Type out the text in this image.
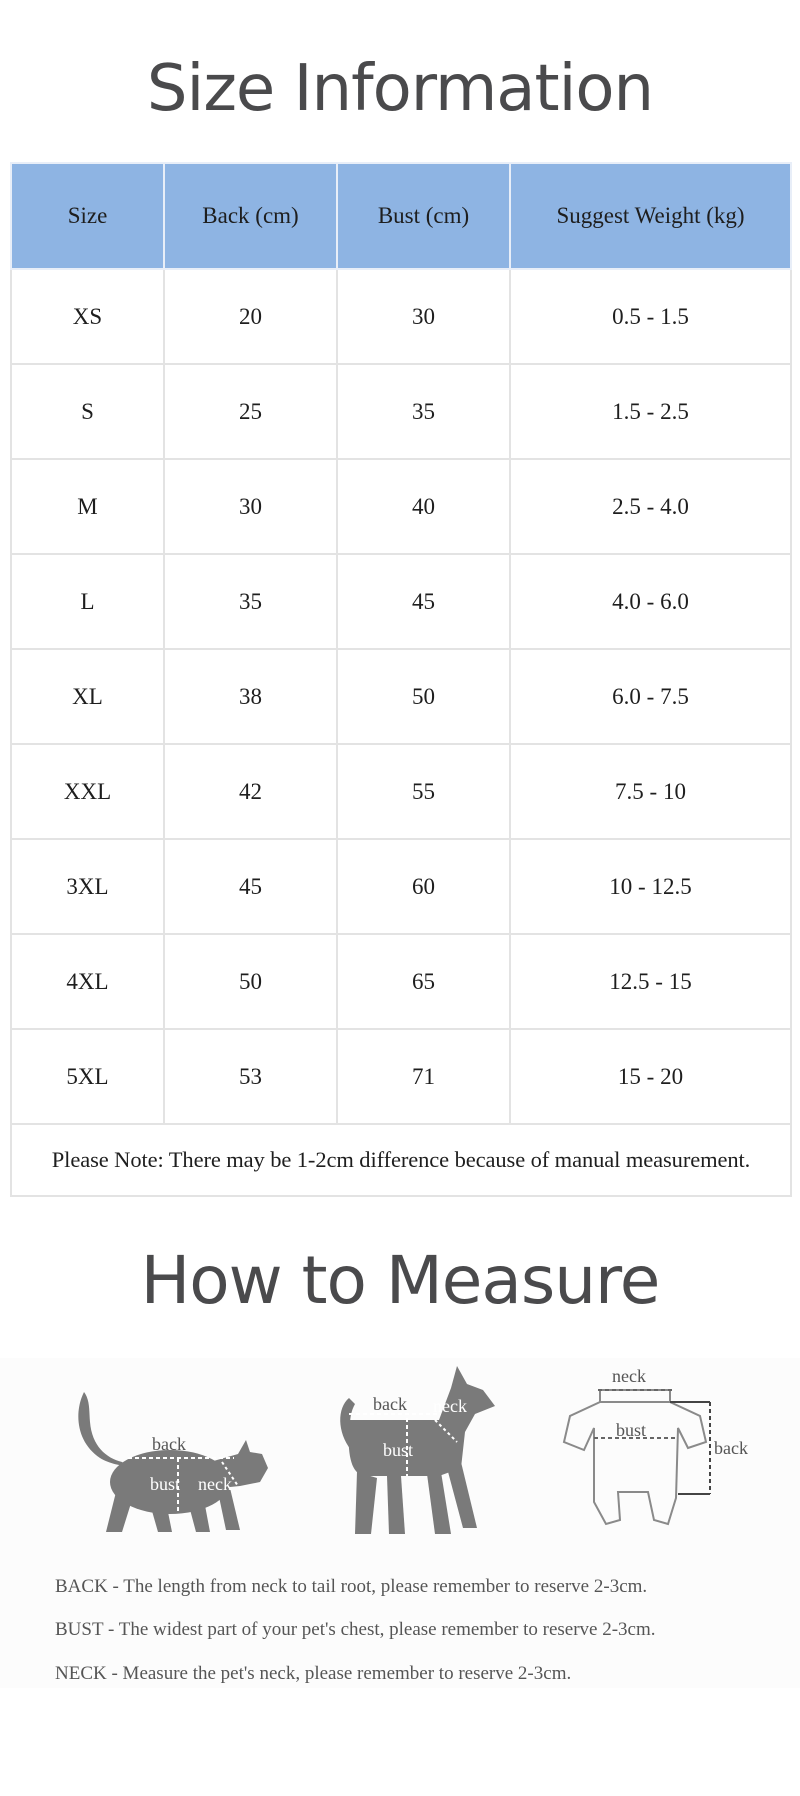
Size Information
Size	Back (cm)	Bust (cm)	Suggest Weight (kg)
XS	20	30	0.5 - 1.5
S	25	35	1.5 - 2.5
M	30	40	2.5 - 4.0
L	35	45	4.0 - 6.0
XL	38	50	6.0 - 7.5
XXL	42	55	7.5 - 10
3XL	45	60	10 - 12.5
4XL	50	65	12.5 - 15
5XL	53	71	15 - 20
Please Note: There may be 1-2cm difference because of manual measurement.			
How to Measure
back
bust neck
back
bust
neck
neck
bust
back
BACK - The length from neck to tail root, please remember to reserve 2-3cm.
BUST - The widest part of your pet's chest, please remember to reserve 2-3cm.
NECK - Measure the pet's neck, please remember to reserve 2-3cm.
